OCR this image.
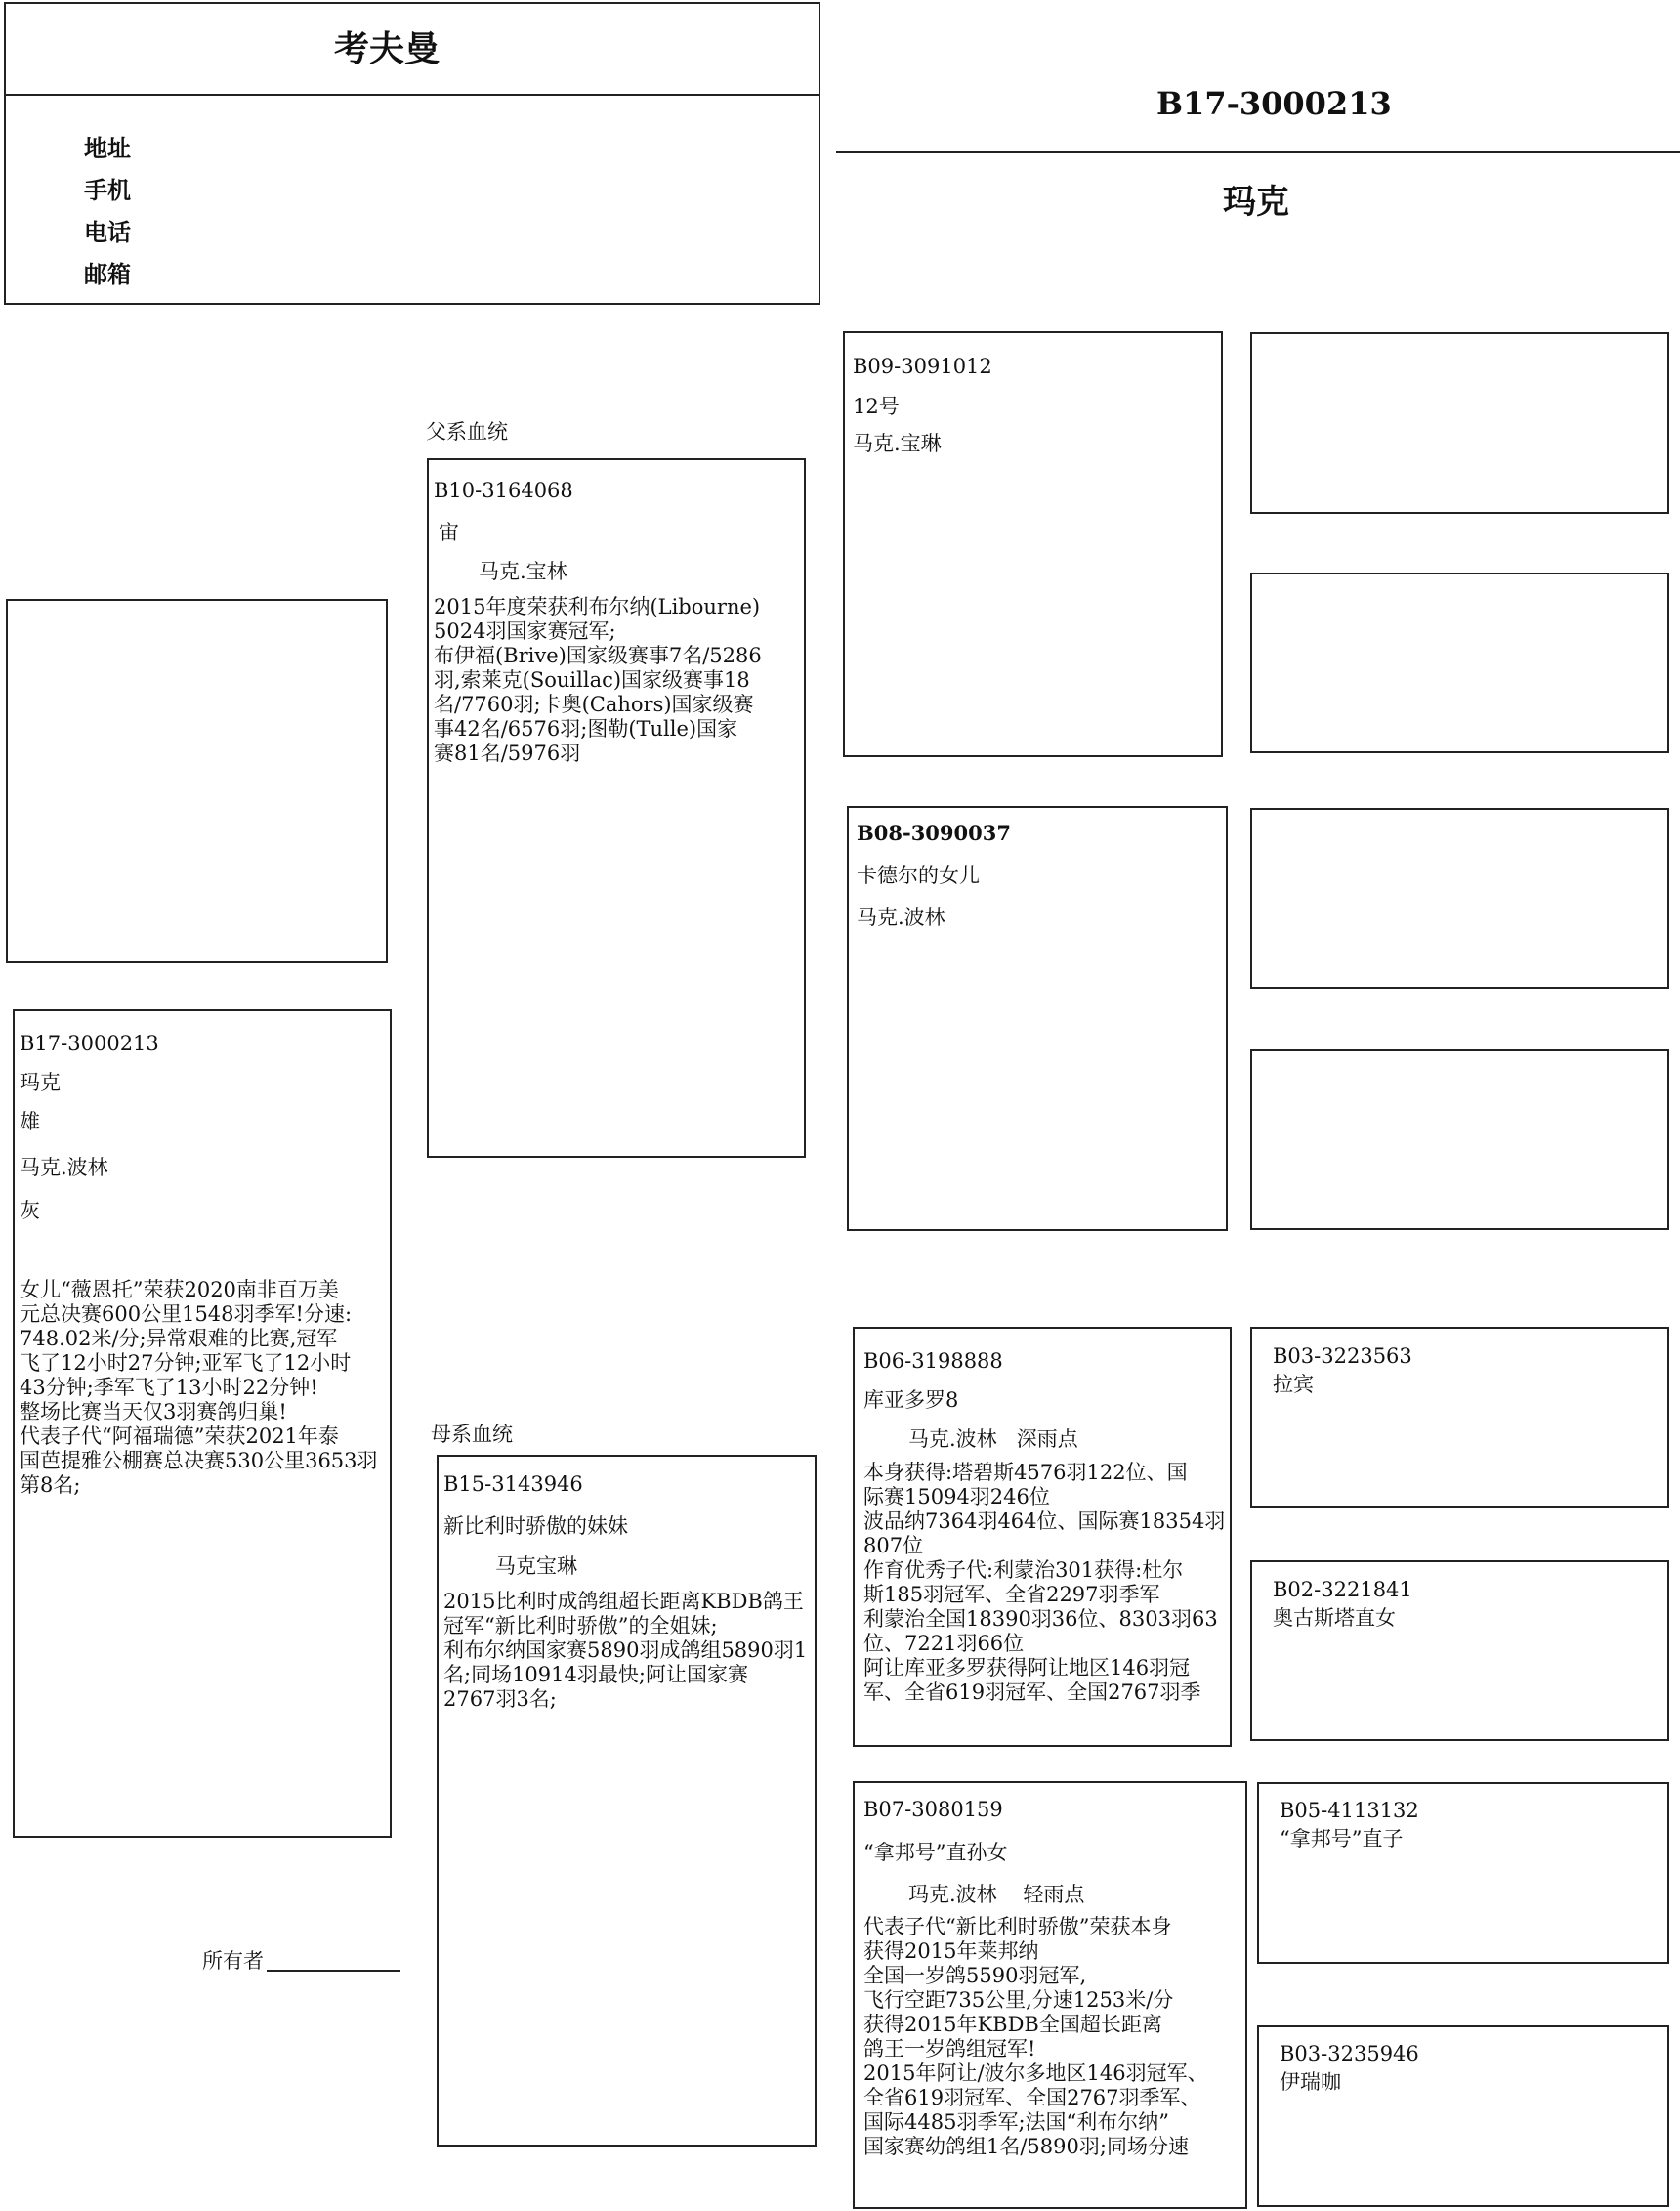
考夫曼
地址
手机
电话
邮箱
B17-3000213
玛克
父系血统
母系血统
B17-3000213
玛克
雄
马克.波林
灰
女儿“薇恩托”荣获2020南非百万美
元总决赛600公里1548羽季军!分速:
748.02米/分;异常艰难的比赛,冠军
飞了12小时27分钟;亚军飞了12小时
43分钟;季军飞了13小时22分钟!
整场比赛当天仅3羽赛鸽归巢!
代表子代“阿福瑞德”荣获2021年泰
国芭提雅公棚赛总决赛530公里3653羽
第8名;
所有者
B10-3164068
宙
马克.宝林
2015年度荣获利布尔纳(Libourne)
5024羽国家赛冠军;
布伊福(Brive)国家级赛事7名/5286
羽,索莱克(Souillac)国家级赛事18
名/7760羽;卡奥(Cahors)国家级赛
事42名/6576羽;图勒(Tulle)国家
赛81名/5976羽
B15-3143946
新比利时骄傲的妹妹
马克宝琳
2015比利时成鸽组超长距离KBDB鸽王
冠军“新比利时骄傲”的全姐妹;
利布尔纳国家赛5890羽成鸽组5890羽1
名;同场10914羽最快;阿让国家赛
2767羽3名;
B09-3091012
12号
马克.宝琳
B08-3090037
卡德尔的女儿
马克.波林
B06-3198888
库亚多罗8
马克.波林   深雨点
本身获得:塔碧斯4576羽122位、国
际赛15094羽246位
波品纳7364羽464位、国际赛18354羽
807位
作育优秀子代:利蒙治301获得:杜尔
斯185羽冠军、全省2297羽季军
利蒙治全国18390羽36位、8303羽63
位、7221羽66位
阿让库亚多罗获得阿让地区146羽冠
军、全省619羽冠军、全国2767羽季
B07-3080159
“拿邦号”直孙女
玛克.波林    轻雨点
代表子代“新比利时骄傲”荣获本身
获得2015年莱邦纳
全国一岁鸽5590羽冠军,
飞行空距735公里,分速1253米/分
获得2015年KBDB全国超长距离
鸽王一岁鸽组冠军!
2015年阿让/波尔多地区146羽冠军、
全省619羽冠军、全国2767羽季军、
国际4485羽季军;法国“利布尔纳”
国家赛幼鸽组1名/5890羽;同场分速
B03-3223563
拉宾
B02-3221841
奥古斯塔直女
B05-4113132
“拿邦号”直子
B03-3235946
伊瑞咖
